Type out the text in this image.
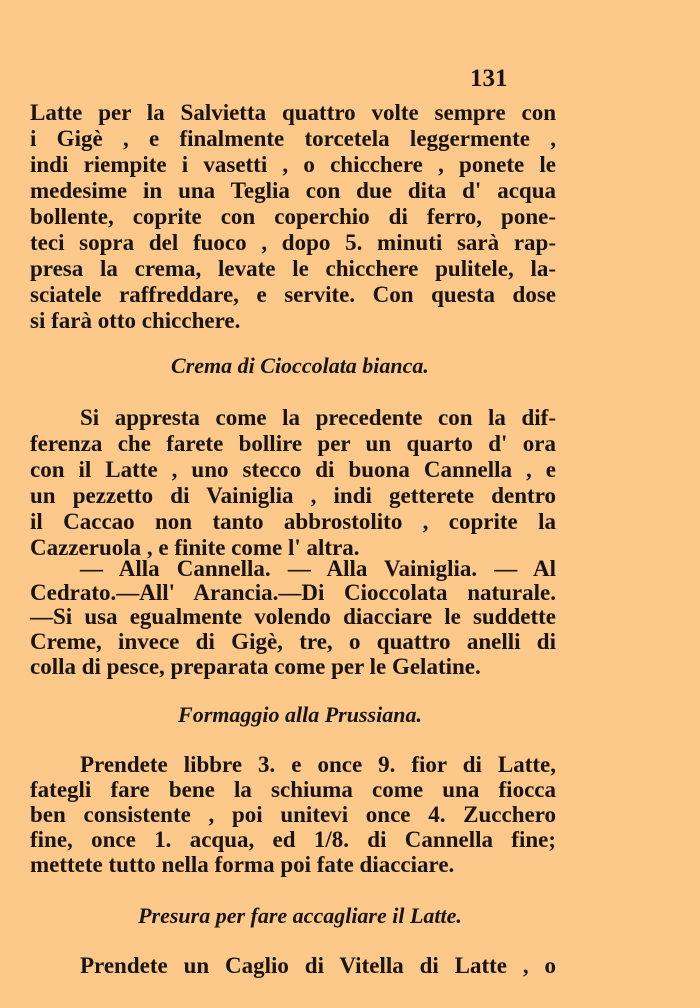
131
Latte per la Salvietta quattro volte sempre con
i Gigè , e finalmente torcetela leggermente ,
indi riempite i vasetti , o chicchere , ponete le
medesime in una Teglia con due dita d' acqua
bollente, coprite con coperchio di ferro, pone-
teci sopra del fuoco , dopo 5. minuti sarà rap-
presa la crema, levate le chicchere pulitele, la-
sciatele raffreddare, e servite. Con questa dose
si farà otto chicchere.
Crema di Cioccolata bianca.
Si appresta come la precedente con la dif-
ferenza che farete bollire per un quarto d' ora
con il Latte , uno stecco di buona Cannella , e
un pezzetto di Vainiglia , indi getterete dentro
il Caccao non tanto abbrostolito , coprite la
Cazzeruola , e finite come l' altra.
— Alla Cannella. — Alla Vainiglia. — Al
Cedrato.—All' Arancia.—Di Cioccolata naturale.
—Si usa egualmente volendo diacciare le suddette
Creme, invece di Gigè, tre, o quattro anelli di
colla di pesce, preparata come per le Gelatine.
Formaggio alla Prussiana.
Prendete libbre 3. e once 9. fior di Latte,
fategli fare bene la schiuma come una fiocca
ben consistente , poi unitevi once 4. Zucchero
fine, once 1. acqua, ed 1/8. di Cannella fine;
mettete tutto nella forma poi fate diacciare.
Presura per fare accagliare il Latte.
Prendete un Caglio di Vitella di Latte , o
